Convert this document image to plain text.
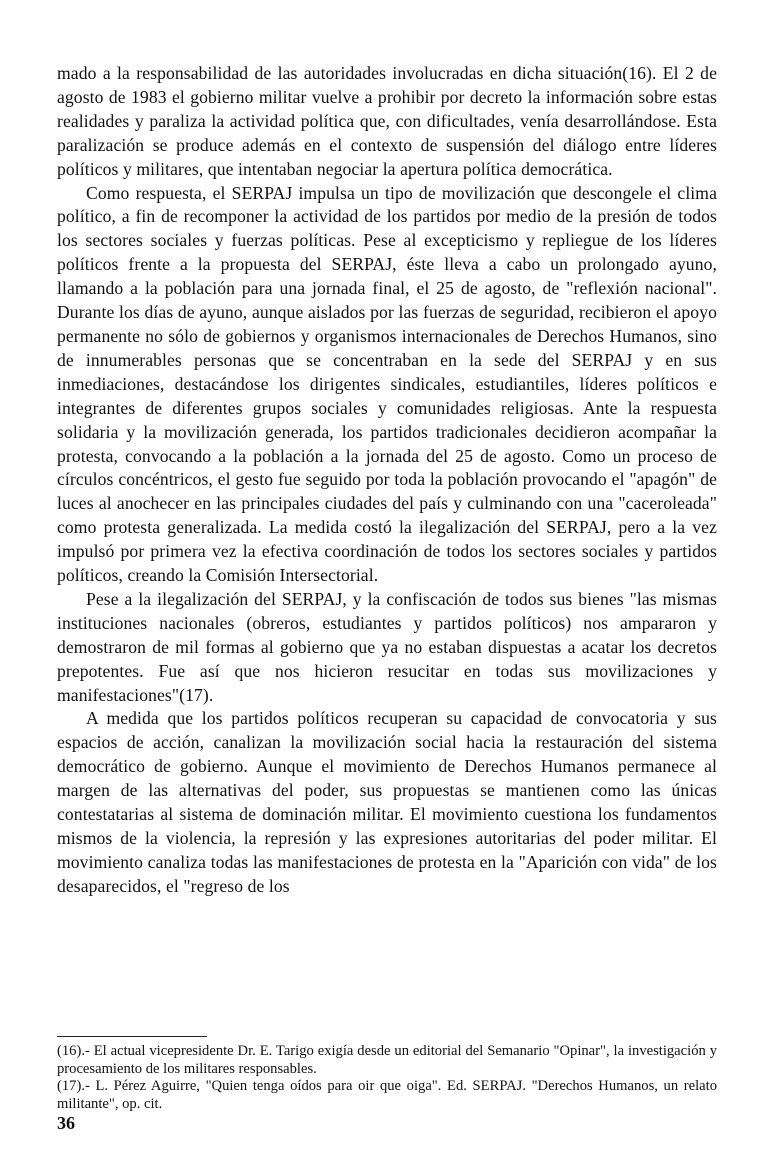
mado a la responsabilidad de las autoridades involucradas en dicha situación(16). El 2 de agosto de 1983 el gobierno militar vuelve a prohibir por decreto la información sobre estas realidades y paraliza la actividad política que, con dificultades, venía desarrollándose. Esta paralización se produce además en el contexto de suspensión del diálogo entre líderes políticos y militares, que intentaban negociar la apertura política democrática.

Como respuesta, el SERPAJ impulsa un tipo de movilización que descongele el clima político, a fin de recomponer la actividad de los partidos por medio de la presión de todos los sectores sociales y fuerzas políticas. Pese al excepticismo y repliegue de los líderes políticos frente a la propuesta del SERPAJ, éste lleva a cabo un prolongado ayuno, llamando a la población para una jornada final, el 25 de agosto, de "reflexión nacional". Durante los días de ayuno, aunque aislados por las fuerzas de seguridad, recibieron el apoyo permanente no sólo de gobiernos y organismos internacionales de Derechos Humanos, sino de innumerables personas que se concentraban en la sede del SERPAJ y en sus inmediaciones, destacándose los dirigentes sindicales, estudiantiles, líderes políticos e integrantes de diferentes grupos sociales y comunidades religiosas. Ante la respuesta solidaria y la movilización generada, los partidos tradicionales decidieron acompañar la protesta, convocando a la población a la jornada del 25 de agosto. Como un proceso de círculos concéntricos, el gesto fue seguido por toda la población provocando el "apagón" de luces al anochecer en las principales ciudades del país y culminando con una "caceroleada" como protesta generalizada. La medida costó la ilegalización del SERPAJ, pero a la vez impulsó por primera vez la efectiva coordinación de todos los sectores sociales y partidos políticos, creando la Comisión Intersectorial.

Pese a la ilegalización del SERPAJ, y la confiscación de todos sus bienes "las mismas instituciones nacionales (obreros, estudiantes y partidos políticos) nos ampararon y demostraron de mil formas al gobierno que ya no estaban dispuestas a acatar los decretos prepotentes. Fue así que nos hicieron resucitar en todas sus movilizaciones y manifestaciones"(17).

A medida que los partidos políticos recuperan su capacidad de convocatoria y sus espacios de acción, canalizan la movilización social hacia la restauración del sistema democrático de gobierno. Aunque el movimiento de Derechos Humanos permanece al margen de las alternativas del poder, sus propuestas se mantienen como las únicas contestatarias al sistema de dominación militar. El movimiento cuestiona los fundamentos mismos de la violencia, la represión y las expresiones autoritarias del poder militar. El movimiento canaliza todas las manifestaciones de protesta en la "Aparición con vida" de los desaparecidos, el "regreso de los

(16).- El actual vicepresidente Dr. E. Tarigo exigía desde un editorial del Semanario "Opinar", la investigación y procesamiento de los militares responsables.

(17).- L. Pérez Aguirre, "Quien tenga oídos para oir que oiga". Ed. SERPAJ. "Derechos Humanos, un relato militante", op. cit.

36
